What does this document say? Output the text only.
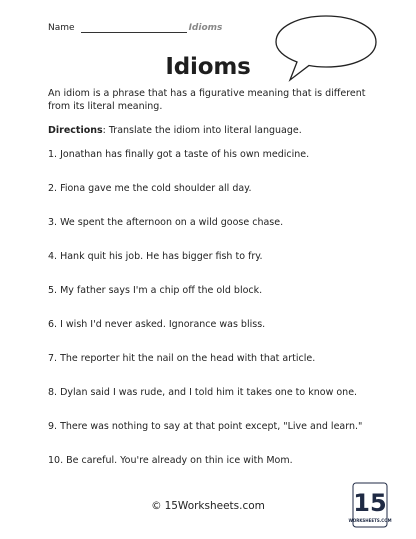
Name	Idioms
Idioms
An idiom is a phrase that has a figurative meaning that is different from its literal meaning.
Directions: Translate the idiom into literal language.
1. Jonathan has finally got a taste of his own medicine.
2. Fiona gave me the cold shoulder all day.
3. We spent the afternoon on a wild goose chase.
4. Hank quit his job. He has bigger fish to fry.
5. My father says I'm a chip off the old block.
6. I wish I'd never asked. Ignorance was bliss.
7. The reporter hit the nail on the head with that article.
8. Dylan said I was rude, and I told him it takes one to know one.
9. There was nothing to say at that point except, "Live and learn."
10. Be careful. You're already on thin ice with Mom.
© 15Worksheets.com	15
WORKSHEETS.COM
